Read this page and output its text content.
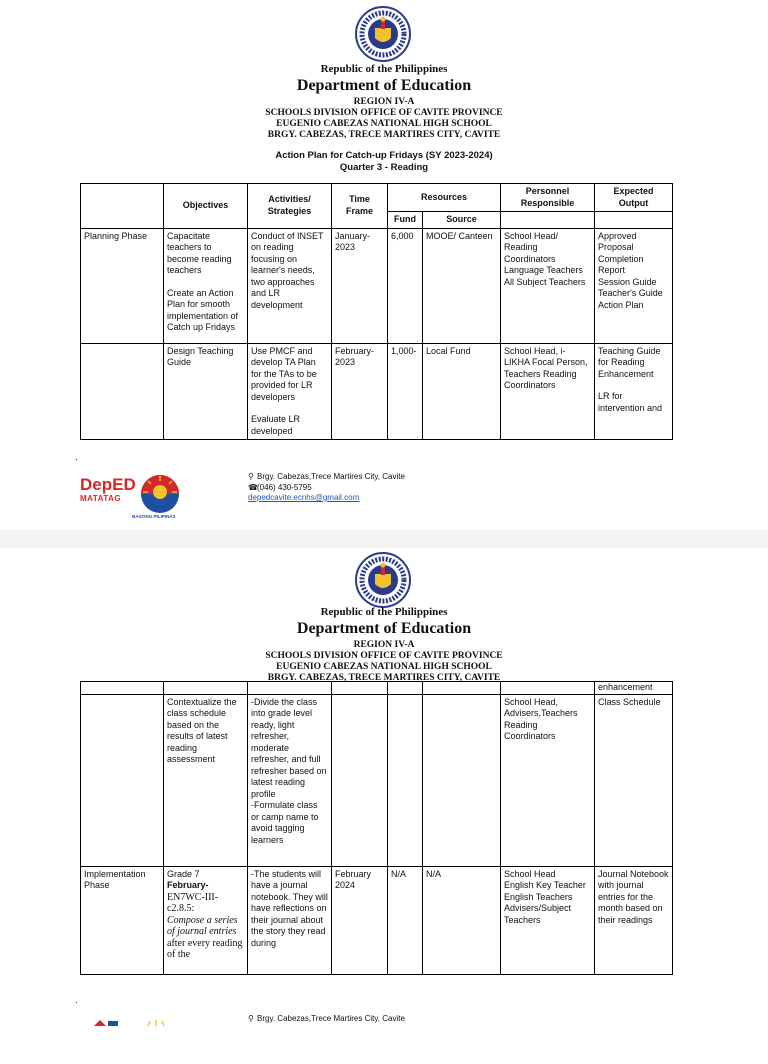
Republic of the Philippines
Department of Education
REGION IV-A
SCHOOLS DIVISION OFFICE OF CAVITE PROVINCE
EUGENIO CABEZAS NATIONAL HIGH SCHOOL
BRGY. CABEZAS, TRECE MARTIRES CITY, CAVITE
Action Plan for Catch-up Fridays (SY 2023-2024)
Quarter 3 - Reading
	Objectives	Activities/ Strategies	Time Frame	Resources		Personnel Responsible	Expected Output
				Fund	Source		
Planning Phase	Capacitate teachers to become reading teachers
Create an Action Plan for smooth implementation of Catch up Fridays	Conduct of INSET on reading focusing on learner's needs, two approaches and LR development	January-2023	6,000	MOOE/ Canteen	School Head/
Reading Coordinators
Language Teachers
All Subject Teachers	Approved Proposal
Completion Report
Session Guide
Teacher's Guide
Action Plan

	Design Teaching Guide	Use PMCF and develop TA Plan for the TAs to be provided for LR developers
Evaluate LR developed	February-2023	1,000-	Local Fund	School Head, i-LIKHA Focal Person, Teachers Reading Coordinators	Teaching Guide for Reading Enhancement
LR for intervention and
.
DepED
MATATAG
BAGONG PILIPINAS
⚲ Brgy. Cabezas,Trece Martires City, Cavite
☎(046) 430-5795
depedcavite.ecnhs@gmail.com
Republic of the Philippines
Department of Education
REGION IV-A
SCHOOLS DIVISION OFFICE OF CAVITE PROVINCE
EUGENIO CABEZAS NATIONAL HIGH SCHOOL
BRGY. CABEZAS, TRECE MARTIRES CITY, CAVITE
							enhancement
	Contextualize the class schedule based on the results of latest reading assessment	-Divide the class into grade level ready, light refresher, moderate refresher, and full refresher based on latest reading profile
-Formulate class or camp name to avoid tagging learners				School Head, Advisers,Teachers Reading Coordinators	Class Schedule
Implementation Phase	Grade 7
February-
EN7WC-III-c2.8.5:
Compose a series of journal entries
after every reading of the	-The students will have a journal notebook. They will have reflections on their journal about the story they read during	February 2024	N/A	N/A	School Head
English Key Teacher
English Teachers
Advisers/Subject Teachers	Journal Notebook with journal entries for the month based on their readings
.
⚲ Brgy. Cabezas,Trece Martires City, Cavite
